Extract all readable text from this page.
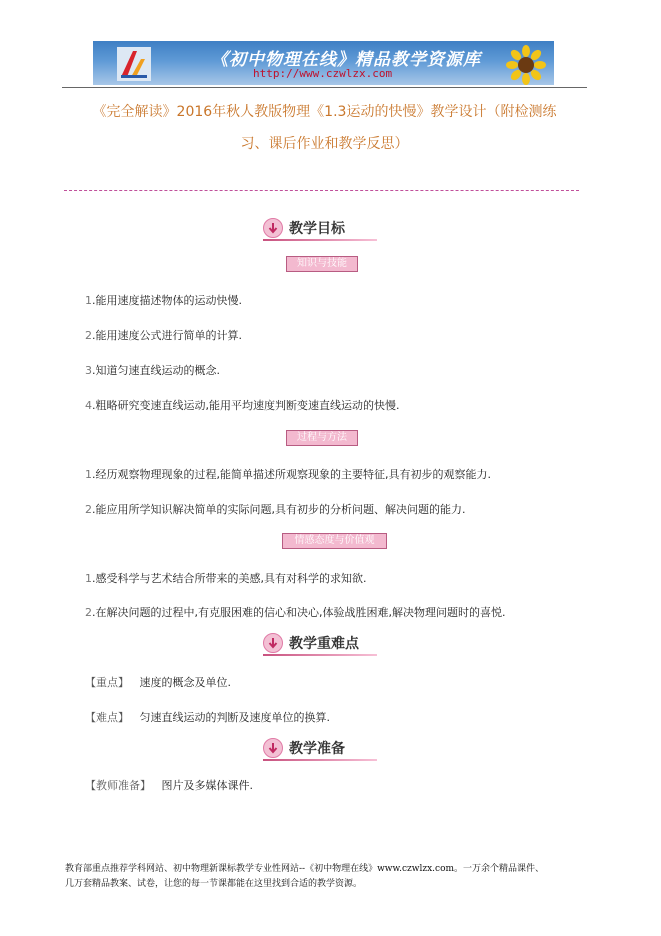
《初中物理在线》精品教学资源库
http://www.czwlzx.com
《完全解读》2016年秋人教版物理《1.3运动的快慢》教学设计（附检测练
习、课后作业和教学反思）
教学目标
知识与技能
1.能用速度描述物体的运动快慢.
2.能用速度公式进行简单的计算.
3.知道匀速直线运动的概念.
4.粗略研究变速直线运动,能用平均速度判断变速直线运动的快慢.
过程与方法
1.经历观察物理现象的过程,能简单描述所观察现象的主要特征,具有初步的观察能力.
2.能应用所学知识解决简单的实际问题,具有初步的分析问题、解决问题的能力.
情感态度与价值观
1.感受科学与艺术结合所带来的美感,具有对科学的求知欲.
2.在解决问题的过程中,有克服困难的信心和决心,体验战胜困难,解决物理问题时的喜悦.
教学重难点
【重点】 速度的概念及单位.
【难点】 匀速直线运动的判断及速度单位的换算.
教学准备
【教师准备】 图片及多媒体课件.
教育部重点推荐学科网站、初中物理新课标教学专业性网站--《初中物理在线》www.czwlzx.com。一万余个精品课件、
几万套精品教案、试卷，让您的每一节课都能在这里找到合适的教学资源。
